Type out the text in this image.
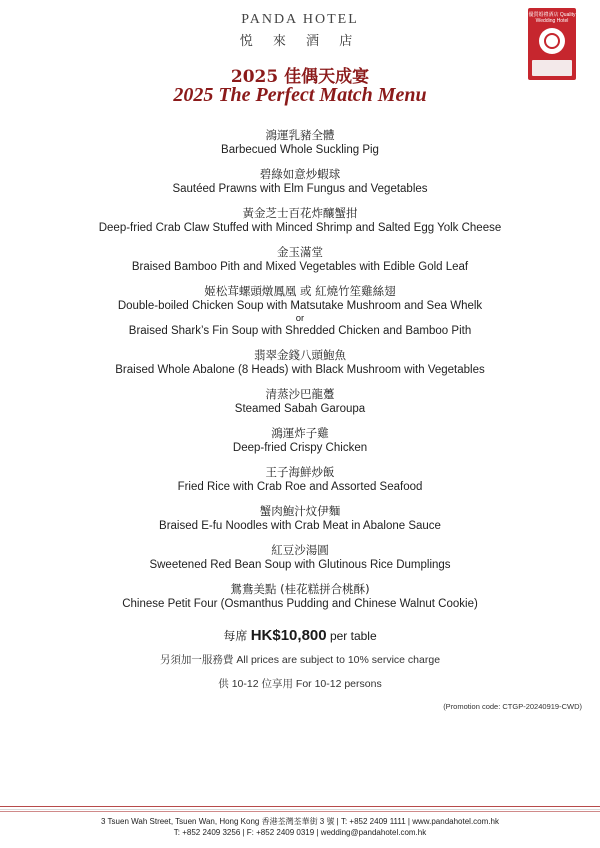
PANDA HOTEL
悦 來 酒 店
優質婚禮酒店 Quality Wedding Hotel
2025 佳偶天成宴
2025 The Perfect Match Menu
鴻運乳豬全體
Barbecued Whole Suckling Pig
碧綠如意炒蝦球
Sautéed Prawns with Elm Fungus and Vegetables
黃金芝士百花炸釀蟹拑
Deep-fried Crab Claw Stuffed with Minced Shrimp and Salted Egg Yolk Cheese
金玉滿堂
Braised Bamboo Pith and Mixed Vegetables with Edible Gold Leaf
姬松茸螺頭燉鳳凰 或 紅燒竹笙雞絲翅
Double-boiled Chicken Soup with Matsutake Mushroom and Sea Whelk
or
Braised Shark’s Fin Soup with Shredded Chicken and Bamboo Pith
翡翠金錢八頭鮑魚
Braised Whole Abalone (8 Heads) with Black Mushroom with Vegetables
清蒸沙巴龍躉
Steamed Sabah Garoupa
鴻運炸子雞
Deep-fried Crispy Chicken
王子海鮮炒飯
Fried Rice with Crab Roe and Assorted Seafood
蟹肉鮑汁炆伊麵
Braised E-fu Noodles with Crab Meat in Abalone Sauce
紅豆沙湯圓
Sweetened Red Bean Soup with Glutinous Rice Dumplings
鴛鴦美點 (桂花糕拼合桃酥)
Chinese Petit Four (Osmanthus Pudding and Chinese Walnut Cookie)
每席 HK$10,800 per table
另須加一服務費 All prices are subject to 10% service charge
供 10-12 位享用 For 10-12 persons
(Promotion code: CTGP-20240919-CWD)
3 Tsuen Wah Street, Tsuen Wan, Hong Kong 香港荃灣荃華街 3 號 | T: +852 2409 1111 | www.pandahotel.com.hk
T: +852 2409 3256 | F: +852 2409 0319 | wedding@pandahotel.com.hk
